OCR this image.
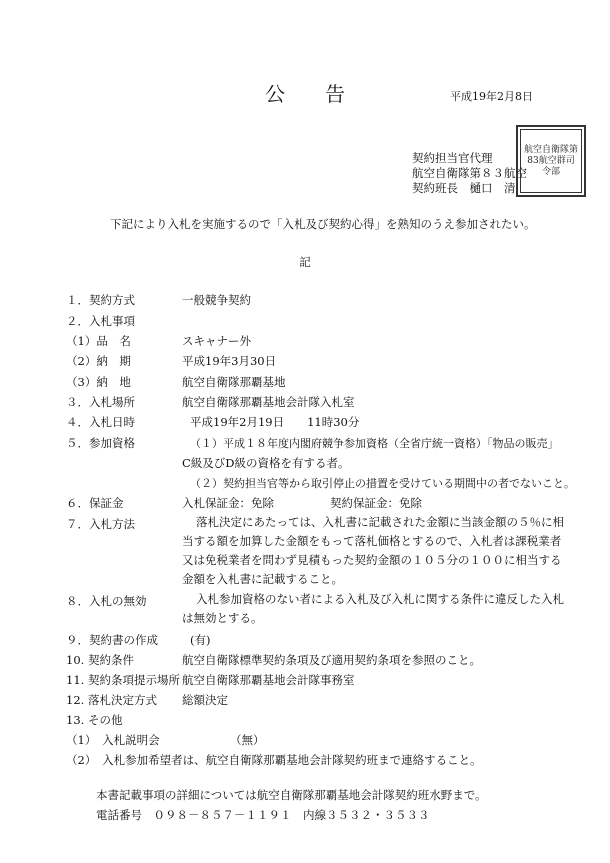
公告	平成19年2月8日
契約担当官代理
航空自衛隊第８３航空
契約班長　樋口　清
航空自衛隊第83航空群司令部
下記により入札を実施するので「入札及び契約心得」を熟知のうえ参加されたい。
記
１．契約方式	一般競争契約
２．入札事項
（1）品　名	スキャナー外
（2）納　期	平成19年3月30日
（3）納　地	航空自衛隊那覇基地
３．入札場所	航空自衛隊那覇基地会計隊入札室
４．入札日時	平成19年2月19日　　11時30分
５．参加資格	（１）平成１８年度内閣府競争参加資格（全省庁統一資格）「物品の販売」
C級及びD級の資格を有する者。
（２）契約担当官等から取引停止の措置を受けている期間中の者でないこと。
６．保証金	入札保証金：免除	契約保証金：免除
７．入札方法	落札決定にあたっては、入札書に記載された金額に当該金額の５％に相当する額を加算した金額をもって落札価格とするので、入札者は課税業者又は免税業者を問わず見積もった契約金額の１０５分の１００に相当する金額を入札書に記載すること。
８．入札の無効	入札参加資格のない者による入札及び入札に関する条件に違反した入札は無効とする。
９．契約書の作成	(有)
10. 契約条件	航空自衛隊標準契約条項及び適用契約条項を参照のこと。
11. 契約条項提示場所 航空自衛隊那覇基地会計隊事務室
12. 落札決定方式 総額決定
13. その他
（1）　入札説明会	（無）
（2）　入札参加希望者は、航空自衛隊那覇基地会計隊契約班まで連絡すること。
本書記載事項の詳細については航空自衛隊那覇基地会計隊契約班水野まで。
電話番号　０９８－８５７－１１９１　内線３５３２・３５３３
